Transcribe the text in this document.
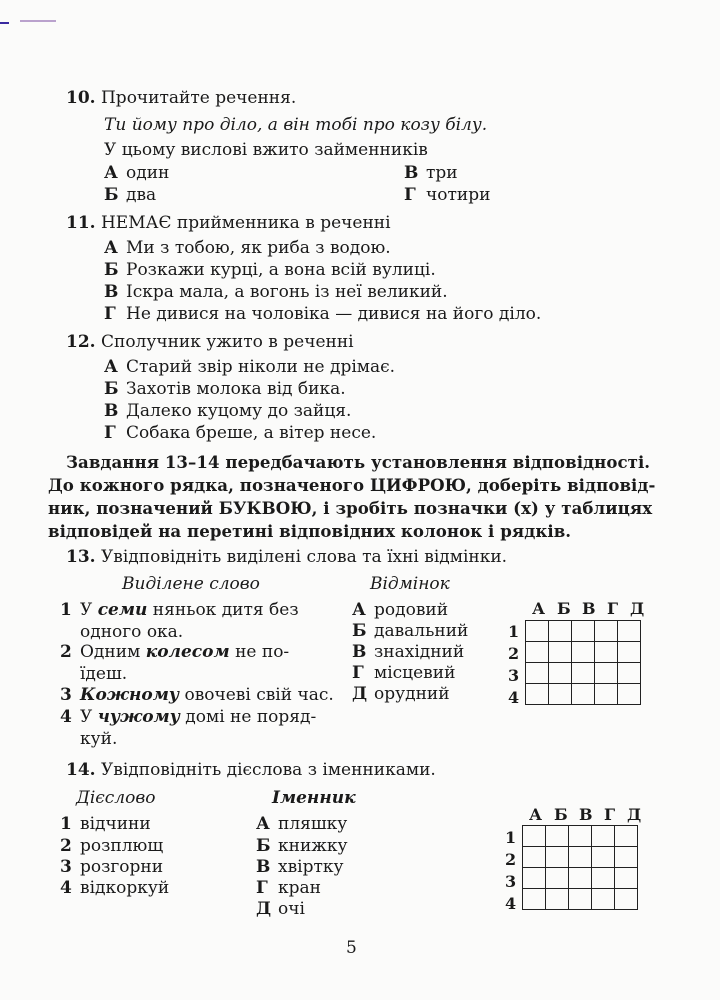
10. Прочитайте речення.
Ти йому про діло, а він тобі про козу білу.
У цьому вислові вжито займенників
А один
Б два
В три
Г чотири
11. НЕМАЄ прийменника в реченні
А Ми з тобою, як риба з водою.
Б Розкажи курці, а вона всій вулиці.
В Іскра мала, а вогонь із неї великий.
Г Не дивися на чоловіка — дивися на його діло.
12. Сполучник ужито в реченні
А Старий звір ніколи не дрімає.
Б Захотів молока від бика.
В Далеко куцому до зайця.
Г Собака бреше, а вітер несе.
Завдання 13–14 передбачають установлення відповідності.
До кожного рядка, позначеного ЦИФРОЮ, доберіть відповід-
ник, позначений БУКВОЮ, і зробіть позначки (х) у таблицях
відповідей на перетині відповідних колонок і рядків.
13. Увідповідніть виділені слова та їхні відмінки.
Виділене слово	Відмінок
1 У семи няньок дитя без
одного ока.
2 Одним колесом не по-
їдеш.
3 Кожному овочеві свій час.
4 У чужому домі не поряд-
куй.
А родовий
Б давальний
В знахідний
Г місцевий
Д орудний
А Б В Г Д
1
2
3
4

14. Увідповідніть дієслова з іменниками.
Дієслово	Іменник
1 відчини
2 розплющ
3 розгорни
4 відкоркуй
А пляшку
Б книжку
В хвіртку
Г кран
Д очі
А Б В Г Д
1
2
3
4

5
